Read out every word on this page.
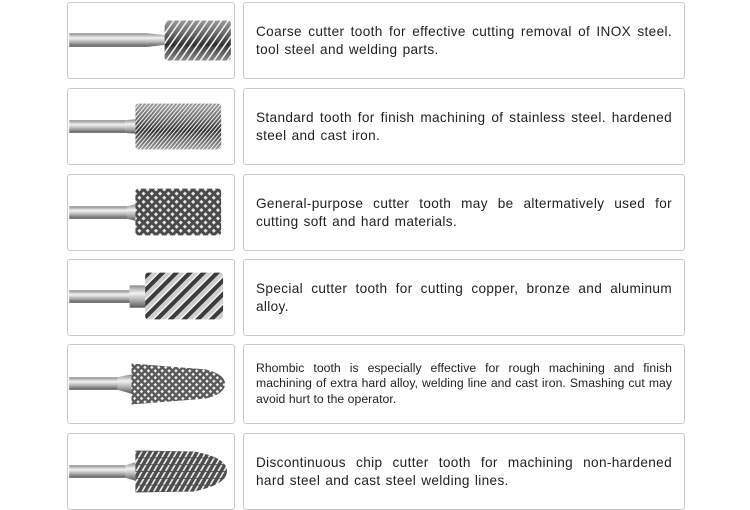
Coarse cutter tooth for effective cutting removal of INOX steel. tool steel and welding parts.
Standard tooth for finish machining of stainless steel. hardened steel and cast iron.
General-purpose cutter tooth may be altermatively used for cutting soft and hard materials.
Special cutter tooth for cutting copper, bronze and aluminum alloy.
Rhombic tooth is especially effective for rough machining and finish machining of extra hard alloy, welding line and cast iron. Smashing cut may avoid hurt to the operator.
Discontinuous chip cutter tooth for machining non-hardened hard steel and cast steel welding lines.
